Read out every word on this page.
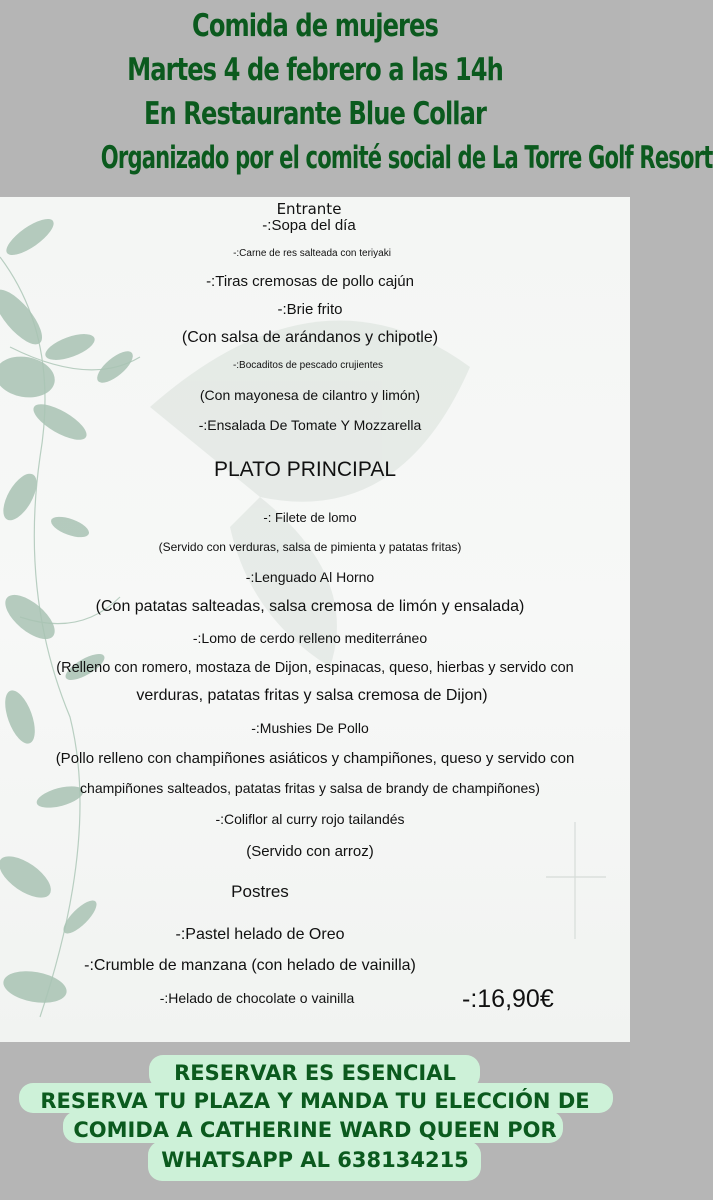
Comida de mujeres
Martes 4 de febrero a las 14h
En Restaurante Blue Collar
Organizado por el comité social de La Torre Golf Resort
Entrante
-:Sopa del día
-:Carne de res salteada con teriyaki
-:Tiras cremosas de pollo cajún
-:Brie frito
(Con salsa de arándanos y chipotle)
-:Bocaditos de pescado crujientes
(Con mayonesa de cilantro y limón)
-:Ensalada De Tomate Y Mozzarella
PLATO PRINCIPAL
-: Filete de lomo
(Servido con verduras, salsa de pimienta y patatas fritas)
-:Lenguado Al Horno
(Con patatas salteadas, salsa cremosa de limón y ensalada)
-:Lomo de cerdo relleno mediterráneo
(Relleno con romero, mostaza de Dijon, espinacas, queso, hierbas y servido con
verduras, patatas fritas y salsa cremosa de Dijon)
-:Mushies De Pollo
(Pollo relleno con champiñones asiáticos y champiñones, queso y servido con
champiñones salteados, patatas fritas y salsa de brandy de champiñones)
-:Coliflor al curry rojo tailandés
(Servido con arroz)
Postres
-:Pastel helado de Oreo
-:Crumble de manzana (con helado de vainilla)
-:Helado de chocolate o vainilla	-:16,90€
RESERVAR ES ESENCIAL
RESERVA TU PLAZA Y MANDA TU ELECCIÓN DE
COMIDA A CATHERINE WARD QUEEN POR
WHATSAPP AL 638134215
